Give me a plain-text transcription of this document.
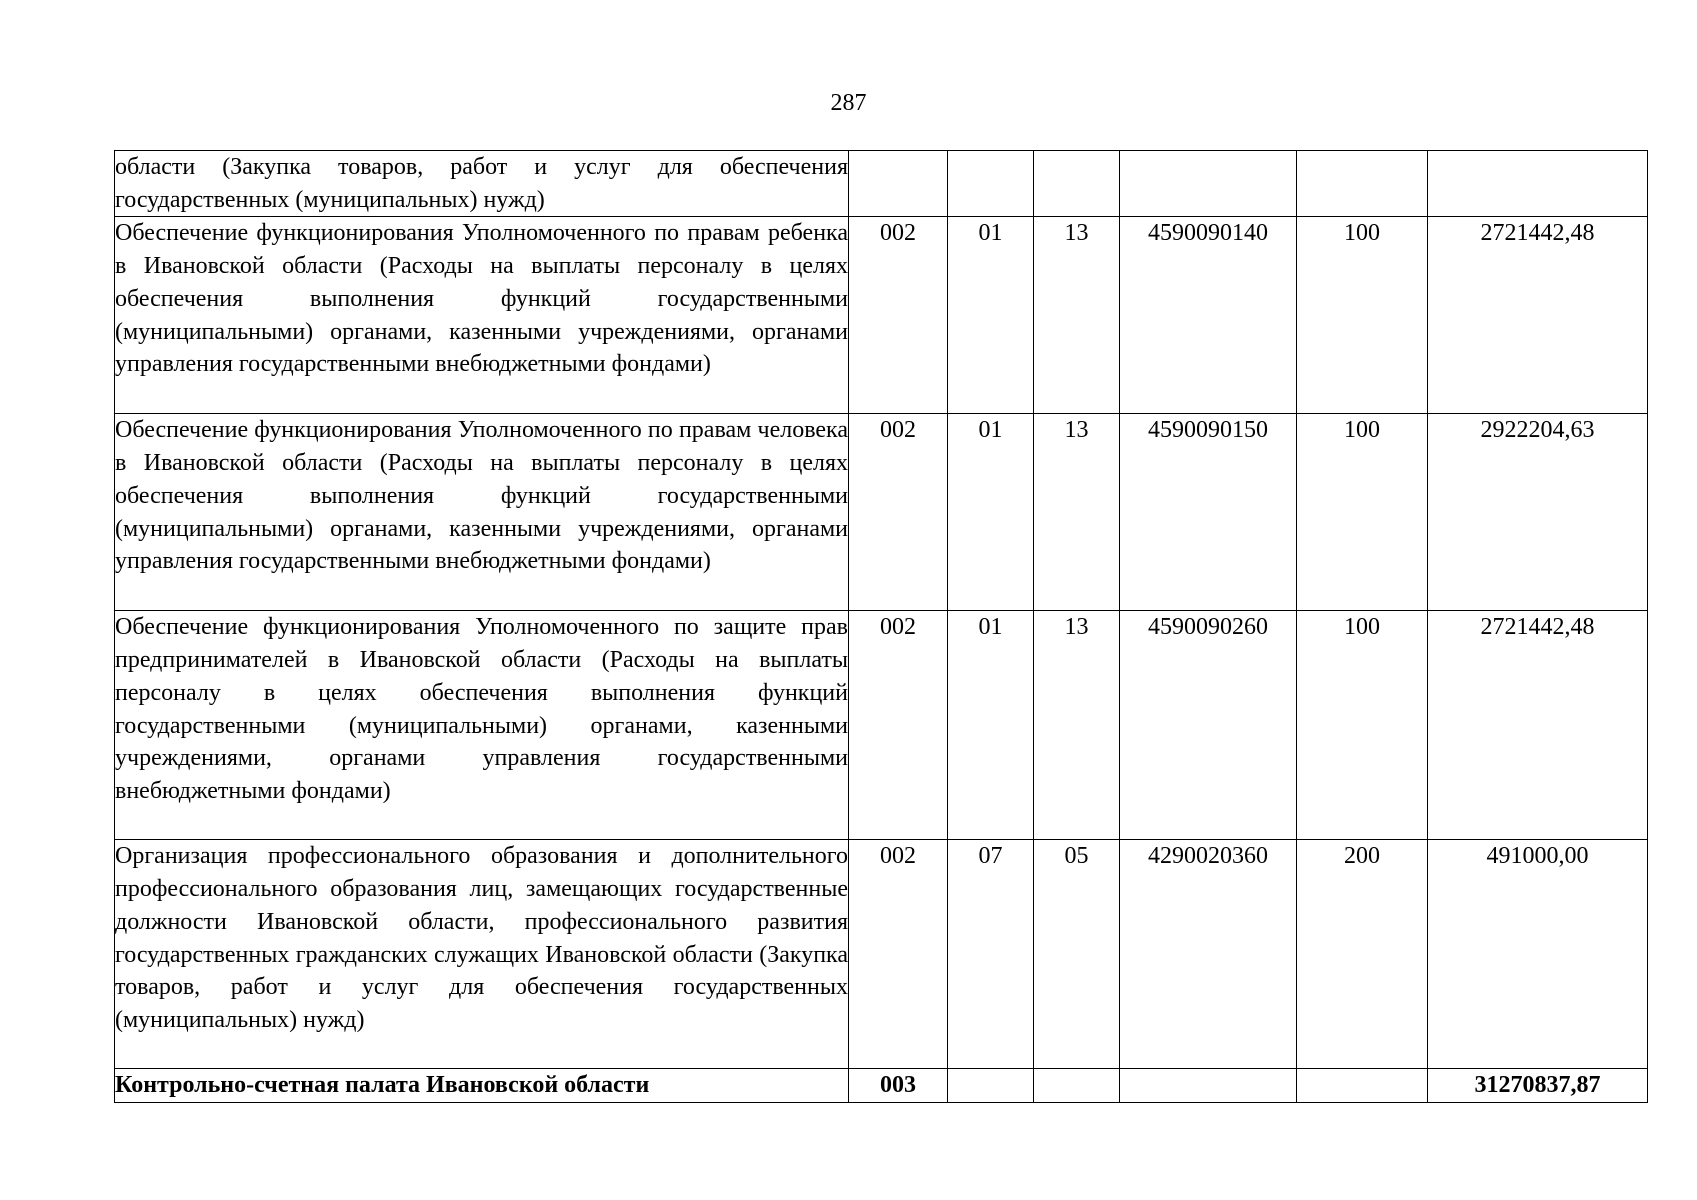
287
области (Закупка товаров, работ и услуг для обеспечения государственных (муниципальных) нужд)						
Обеспечение функционирования Уполномоченного по правам ребенка в Ивановской области (Расходы на выплаты персоналу в целях обеспечения выполнения функций государственными (муниципальными) органами, казенными учреждениями, органами управления государственными внебюджетными фондами)	002	01	13	4590090140	100	2721442,48
Обеспечение функционирования Уполномоченного по правам человека в Ивановской области (Расходы на выплаты персоналу в целях обеспечения выполнения функций государственными (муниципальными) органами, казенными учреждениями, органами управления государственными внебюджетными фондами)	002	01	13	4590090150	100	2922204,63
Обеспечение функционирования Уполномоченного по защите прав предпринимателей в Ивановской области (Расходы на выплаты персоналу в целях обеспечения выполнения функций государственными (муниципальными) органами, казенными учреждениями, органами управления государственными внебюджетными фондами)	002	01	13	4590090260	100	2721442,48
Организация профессионального образования и дополнительного профессионального образования лиц, замещающих государственные должности Ивановской области, профессионального развития государственных гражданских служащих Ивановской области (Закупка товаров, работ и услуг для обеспечения государственных (муниципальных) нужд)	002	07	05	4290020360	200	491000,00
Контрольно-счетная палата Ивановской области	003					31270837,87
